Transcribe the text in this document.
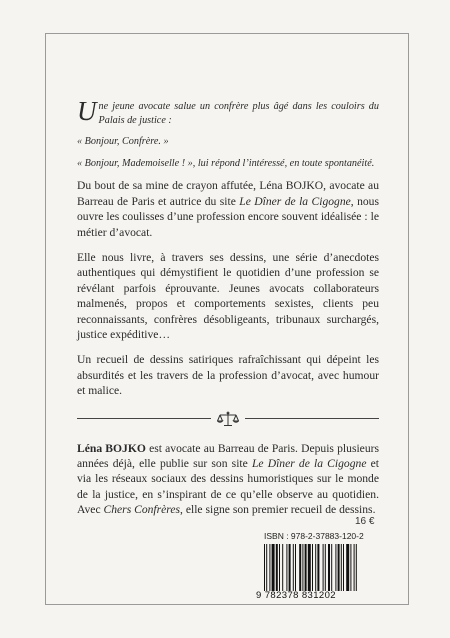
Une jeune avocate salue un confrère plus âgé dans les couloirs du Palais de justice :

« Bonjour, Confrère. »

« Bonjour, Mademoiselle ! », lui répond l’intéressé, en toute spontanéité.

Du bout de sa mine de crayon affutée, Léna BOJKO, avocate au Barreau de Paris et autrice du site Le Dîner de la Cigogne, nous ouvre les coulisses d’une profession encore souvent idéalisée : le métier d’avocat.

Elle nous livre, à travers ses dessins, une série d’anecdotes authentiques qui démystifient le quotidien d’une profession se révélant parfois éprouvante. Jeunes avocats collaborateurs malmenés, propos et comportements sexistes, clients peu reconnaissants, confrères désobligeants, tribunaux surchargés, justice expéditive…

Un recueil de dessins satiriques rafraîchissant qui dépeint les absurdités et les travers de la profession d’avocat, avec humour et malice.

Léna BOJKO est avocate au Barreau de Paris. Depuis plusieurs années déjà, elle publie sur son site Le Dîner de la Cigogne et via les réseaux sociaux des dessins humoristiques sur le monde de la justice, en s’inspirant de ce qu’elle observe au quotidien. Avec Chers Confrères, elle signe son premier recueil de dessins.

16 €
ISBN : 978-2-37883-120-2
9 782378 831202
